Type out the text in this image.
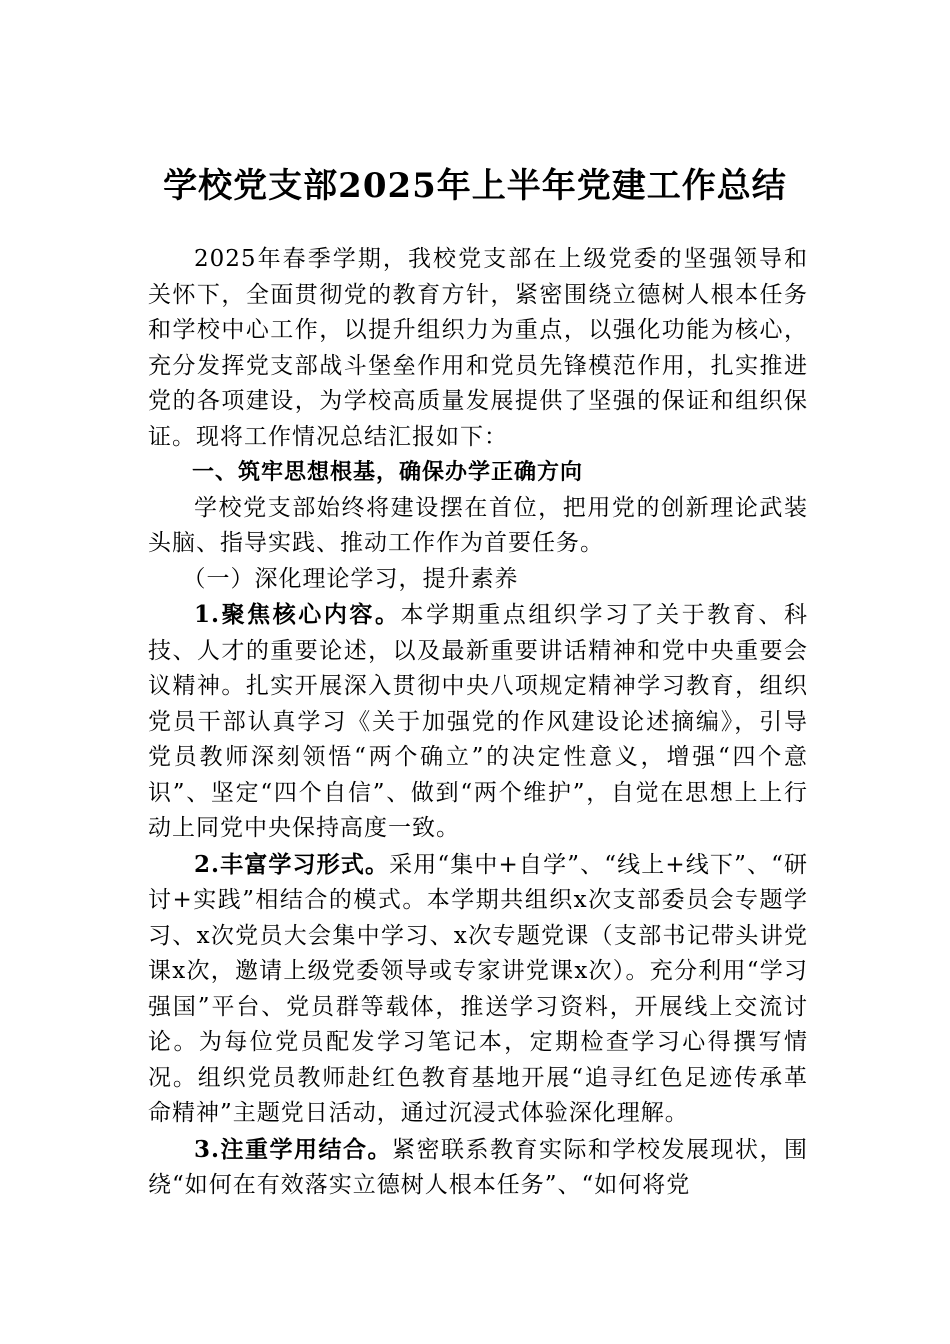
学校党支部2025年上半年党建工作总结

2025年春季学期，我校党支部在上级党委的坚强领导和关怀下，全面贯彻党的教育方针，紧密围绕立德树人根本任务和学校中心工作，以提升组织力为重点，以强化功能为核心，充分发挥党支部战斗堡垒作用和党员先锋模范作用，扎实推进党的各项建设，为学校高质量发展提供了坚强的保证和组织保证。现将工作情况总结汇报如下：

一、筑牢思想根基，确保办学正确方向

学校党支部始终将建设摆在首位，把用党的创新理论武装头脑、指导实践、推动工作作为首要任务。

（一）深化理论学习，提升素养

1.聚焦核心内容。本学期重点组织学习了关于教育、科技、人才的重要论述，以及最新重要讲话精神和党中央重要会议精神。扎实开展深入贯彻中央八项规定精神学习教育，组织党员干部认真学习《关于加强党的作风建设论述摘编》，引导党员教师深刻领悟“两个确立”的决定性意义，增强“四个意识”、坚定“四个自信”、做到“两个维护”，自觉在思想上上行动上同党中央保持高度一致。

2.丰富学习形式。采用“集中+自学”、“线上+线下”、“研讨+实践”相结合的模式。本学期共组织x次支部委员会专题学习、x次党员大会集中学习、x次专题党课（支部书记带头讲党课x次，邀请上级党委领导或专家讲党课x次）。充分利用“学习强国”平台、党员群等载体，推送学习资料，开展线上交流讨论。为每位党员配发学习笔记本，定期检查学习心得撰写情况。组织党员教师赴红色教育基地开展“追寻红色足迹传承革命精神”主题党日活动，通过沉浸式体验深化理解。

3.注重学用结合。紧密联系教育实际和学校发展现状，围绕“如何在有效落实立德树人根本任务”、“如何将党
